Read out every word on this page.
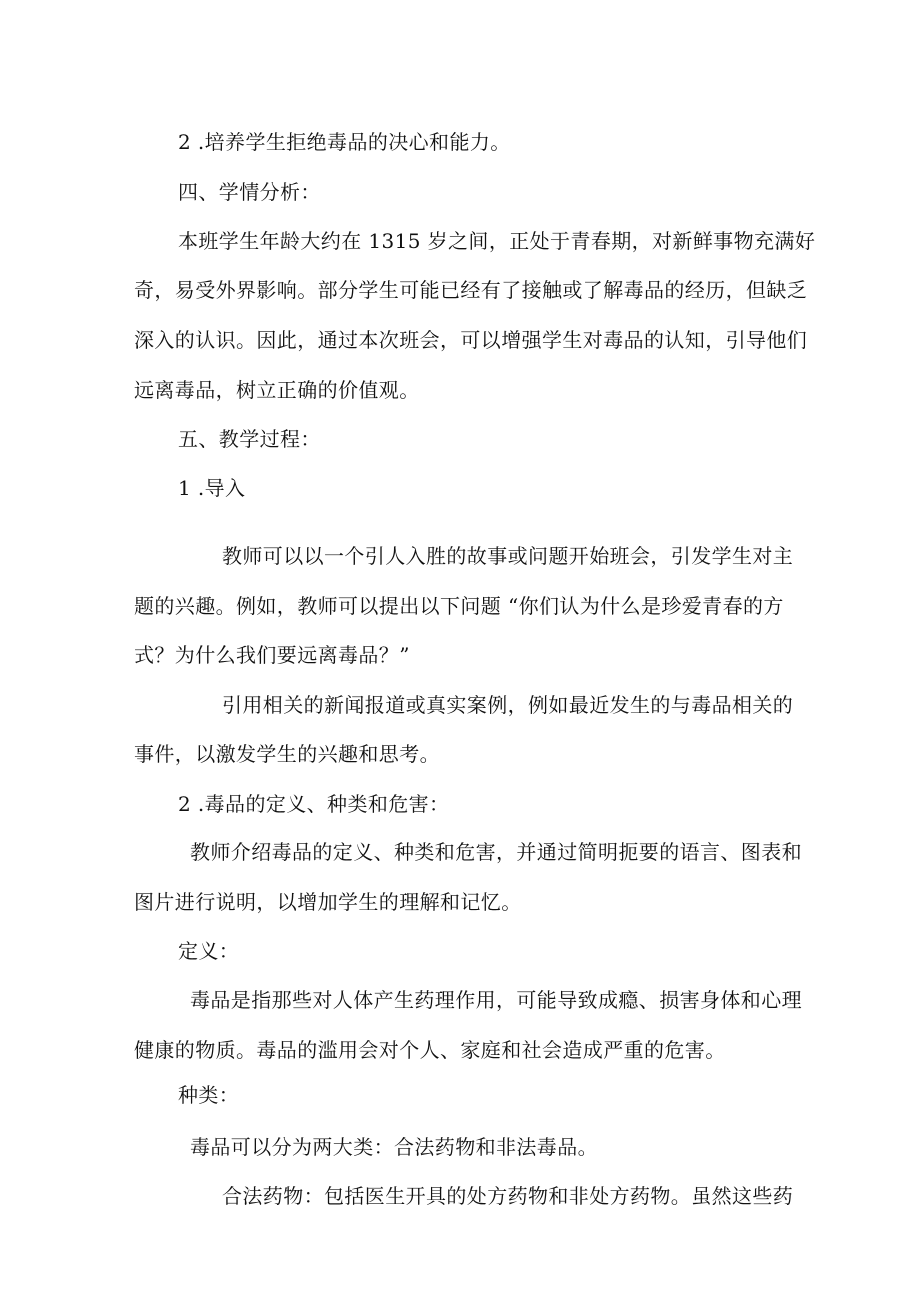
2 .培养学生拒绝毒品的决心和能力。
四、学情分析：
本班学生年龄大约在 1315 岁之间，正处于青春期，对新鲜事物充满好
奇，易受外界影响。部分学生可能已经有了接触或了解毒品的经历，但缺乏
深入的认识。因此，通过本次班会，可以增强学生对毒品的认知，引导他们
远离毒品，树立正确的价值观。
五、教学过程：
1 .导入
教师可以以一个引人入胜的故事或问题开始班会，引发学生对主
题的兴趣。例如，教师可以提出以下问题 “你们认为什么是珍爱青春的方
式？为什么我们要远离毒品？”
引用相关的新闻报道或真实案例，例如最近发生的与毒品相关的
事件，以激发学生的兴趣和思考。
2 .毒品的定义、种类和危害：
教师介绍毒品的定义、种类和危害，并通过简明扼要的语言、图表和
图片进行说明，以增加学生的理解和记忆。
定义：
毒品是指那些对人体产生药理作用，可能导致成瘾、损害身体和心理
健康的物质。毒品的滥用会对个人、家庭和社会造成严重的危害。
种类：
毒品可以分为两大类：合法药物和非法毒品。
合法药物：包括医生开具的处方药物和非处方药物。虽然这些药
